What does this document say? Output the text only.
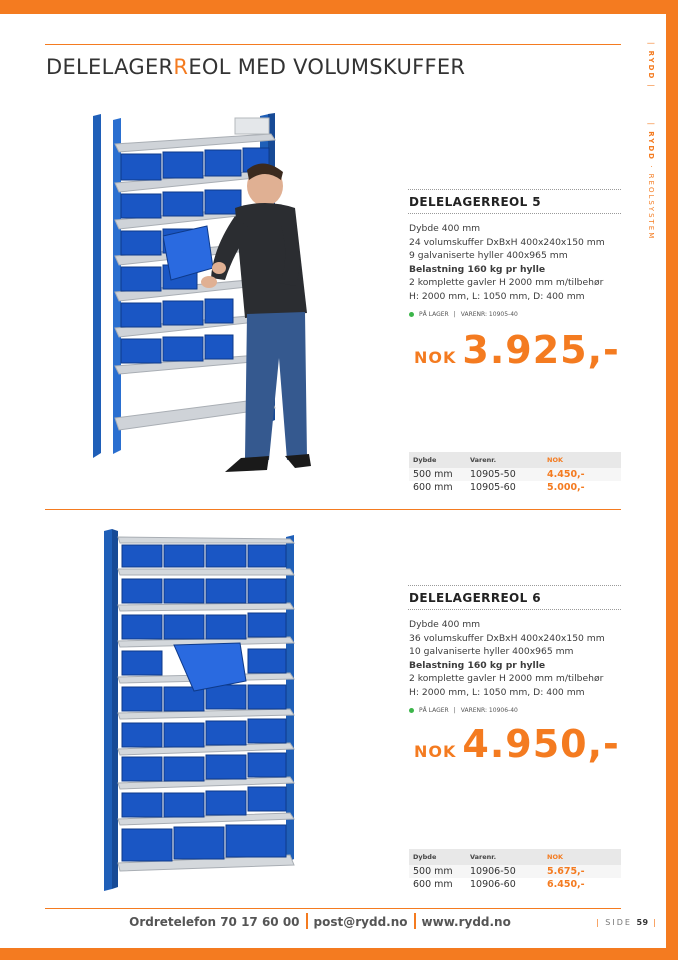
DELELAGERREOL MED VOLUMSKUFFER
| RYDD |        | RYDD · REOLSYSTEM
DELELAGERREOL 5
Dybde 400 mm
24 volumskuffer DxBxH 400x240x150 mm
9 galvaniserte hyller 400x965 mm
Belastning 160 kg pr hylle
2 komplette gavler H 2000 mm m/tilbehør
H: 2000 mm, L: 1050 mm, D: 400 mm
PÅ LAGER | VARENR: 10905-40
NOK 3.925,-
Dybde	Varenr.	NOK
500 mm	10905-50	4.450,-
600 mm	10905-60	5.000,-
DELELAGERREOL 6
Dybde 400 mm
36 volumskuffer DxBxH 400x240x150 mm
10 galvaniserte hyller 400x965 mm
Belastning 160 kg pr hylle
2 komplette gavler H 2000 mm m/tilbehør
H: 2000 mm, L: 1050 mm, D: 400 mm
PÅ LAGER | VARENR: 10906-40
NOK 4.950,-
Dybde	Varenr.	NOK
500 mm	10906-50	5.675,-
600 mm	10906-60	6.450,-
Ordretelefon 70 17 60 00 post@rydd.no www.rydd.no	| SIDE 59 |
